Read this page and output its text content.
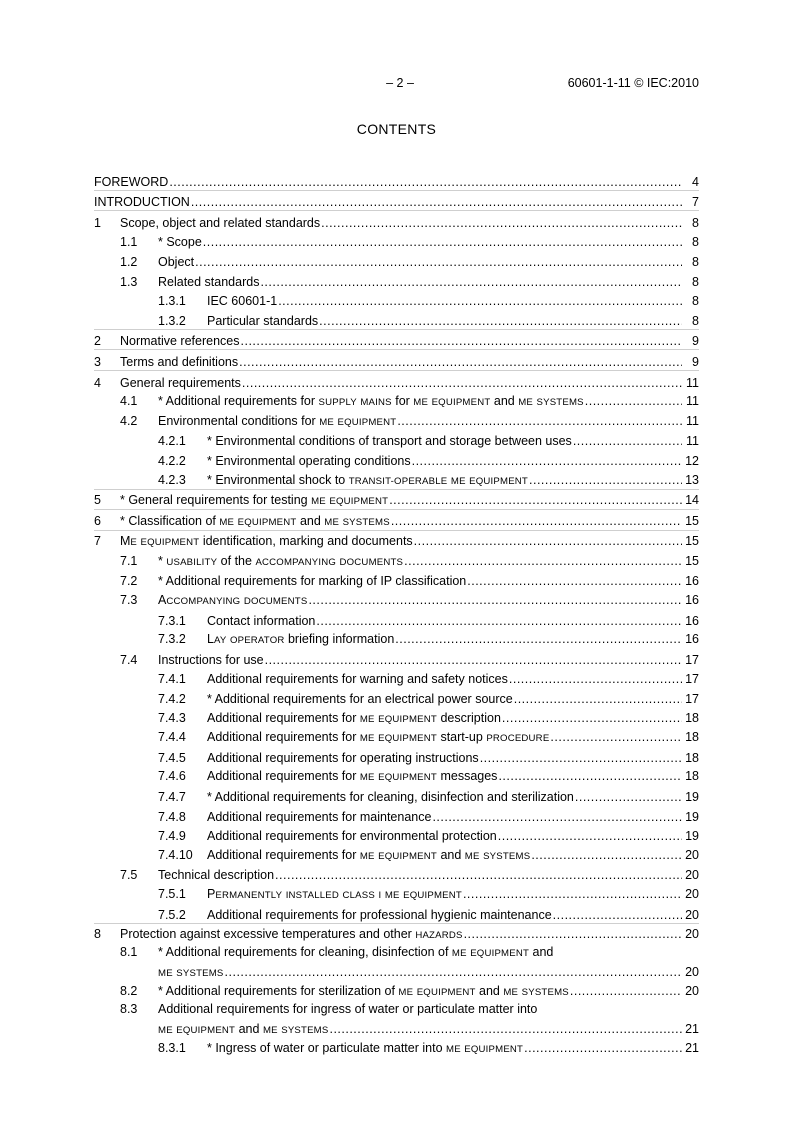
– 2 –	60601-1-11 © IEC:2010
CONTENTS
FOREWORD .....	4
INTRODUCTION .....	7
1	Scope, object and related standards .....	8
1.1	* Scope .....	8
1.2	Object .....	8
1.3	Related standards .....	8
1.3.1	IEC 60601-1 .....	8
1.3.2	Particular standards .....	8
2	Normative references .....	9
3	Terms and definitions .....	9
4	General requirements .....	11
4.1	* Additional requirements for SUPPLY MAINS for ME EQUIPMENT and ME SYSTEMS .....	11
4.2	Environmental conditions for ME EQUIPMENT .....	11
4.2.1	* Environmental conditions of transport and storage between uses .....	11
4.2.2	* Environmental operating conditions .....	12
4.2.3	* Environmental shock to TRANSIT-OPERABLE ME EQUIPMENT .....	13
5	* General requirements for testing ME EQUIPMENT .....	14
6	* Classification of ME EQUIPMENT and ME SYSTEMS .....	15
7	ME EQUIPMENT identification, marking and documents .....	15
7.1	* USABILITY of the ACCOMPANYING DOCUMENTS .....	15
7.2	* Additional requirements for marking of IP classification .....	16
7.3	ACCOMPANYING DOCUMENTS .....	16
7.3.1	Contact information .....	16
7.3.2	LAY OPERATOR briefing information .....	16
7.4	Instructions for use .....	17
7.4.1	Additional requirements for warning and safety notices .....	17
7.4.2	* Additional requirements for an electrical power source .....	17
7.4.3	Additional requirements for ME EQUIPMENT description .....	18
7.4.4	Additional requirements for ME EQUIPMENT start-up PROCEDURE .....	18
7.4.5	Additional requirements for operating instructions .....	18
7.4.6	Additional requirements for ME EQUIPMENT messages .....	18
7.4.7	* Additional requirements for cleaning, disinfection and sterilization .....	19
7.4.8	Additional requirements for maintenance .....	19
7.4.9	Additional requirements for environmental protection .....	19
7.4.10	Additional requirements for ME EQUIPMENT and ME SYSTEMS .....	20
7.5	Technical description .....	20
7.5.1	PERMANENTLY INSTALLED CLASS I ME EQUIPMENT .....	20
7.5.2	Additional requirements for professional hygienic maintenance .....	20
8	Protection against excessive temperatures and other HAZARDS .....	20
8.1 * Additional requirements for cleaning, disinfection of ME EQUIPMENT and
ME SYSTEMS .....	20
8.2	* Additional requirements for sterilization of ME EQUIPMENT and ME SYSTEMS .....	20
8.3 Additional requirements for ingress of water or particulate matter into
ME EQUIPMENT and ME SYSTEMS .....	21
8.3.1	* Ingress of water or particulate matter into ME EQUIPMENT .....	21
